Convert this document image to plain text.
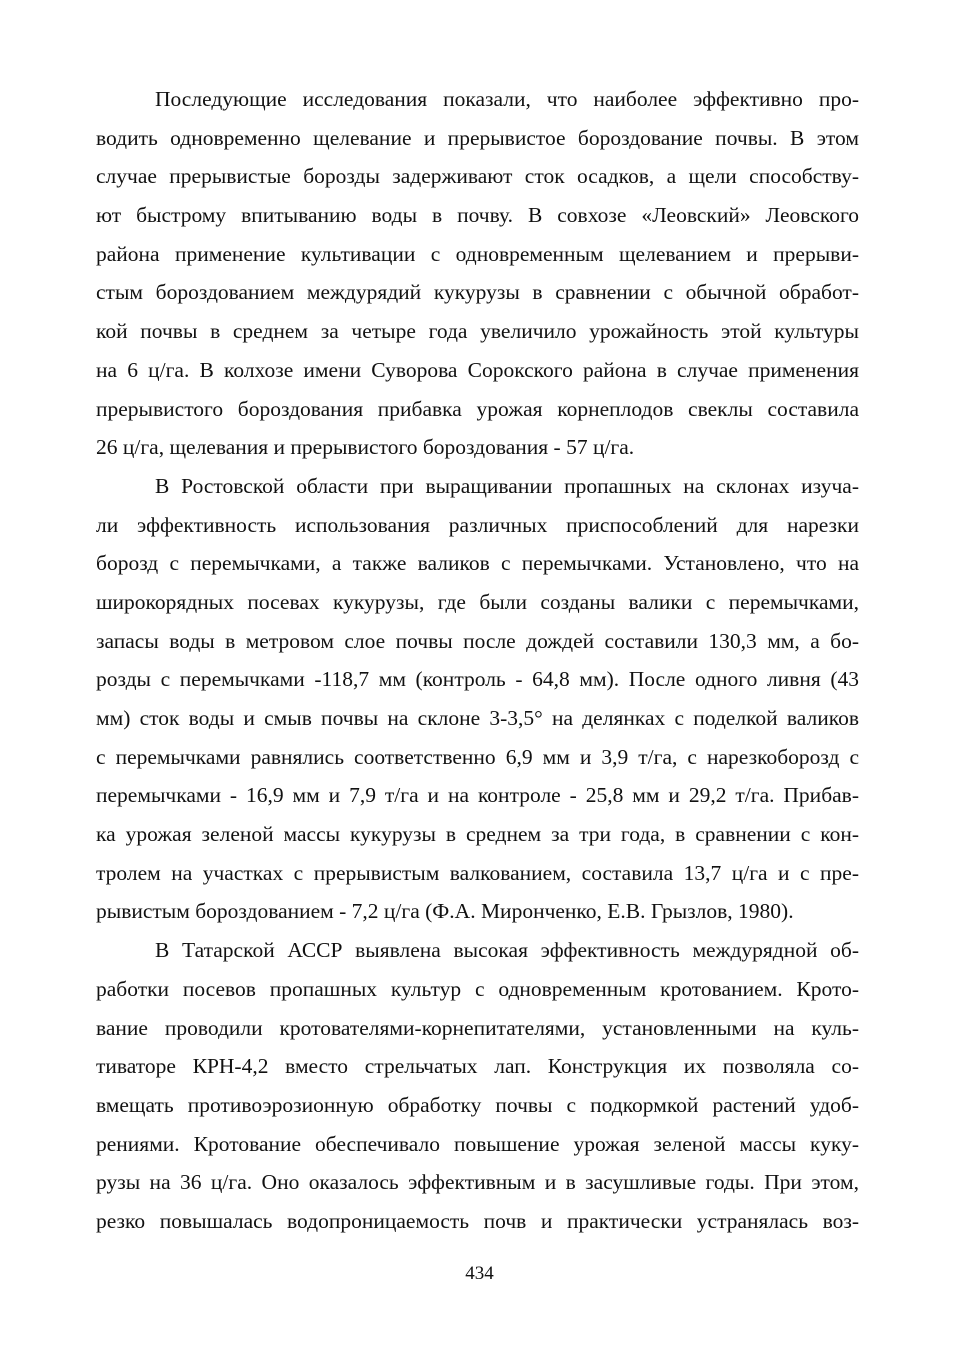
Последующие исследования показали, что наиболее эффективно про-
водить одновременно щелевание и прерывистое бороздование почвы. В этом
случае прерывистые борозды задерживают сток осадков, а щели способству-
ют быстрому впитыванию воды в почву. В совхозе «Леовский» Леовского
района применение культивации с одновременным щелеванием и прерыви-
стым бороздованием междурядий кукурузы в сравнении с обычной обработ-
кой почвы в среднем за четыре года увеличило урожайность этой культуры
на 6 ц/га. В колхозе имени Суворова Сорокского района в случае применения
прерывистого бороздования прибавка урожая корнеплодов свеклы составила
26 ц/га, щелевания и прерывистого бороздования - 57 ц/га.
В Ростовской области при выращивании пропашных на склонах изуча-
ли эффективность использования различных приспособлений для нарезки
борозд с перемычками, а также валиков с перемычками. Установлено, что на
широкорядных посевах кукурузы, где были созданы валики с перемычками,
запасы воды в метровом слое почвы после дождей составили 130,3 мм, а бо-
розды с перемычками -118,7 мм (контроль - 64,8 мм). После одного ливня (43
мм) сток воды и смыв почвы на склоне 3-3,5° на делянках с поделкой валиков
с перемычками равнялись соответственно 6,9 мм и 3,9 т/га, с нарезкоборозд с
перемычками - 16,9 мм и 7,9 т/га и на контроле - 25,8 мм и 29,2 т/га. Прибав-
ка урожая зеленой массы кукурузы в среднем за три года, в сравнении с кон-
тролем на участках с прерывистым валкованием, составила 13,7 ц/га и с пре-
рывистым бороздованием - 7,2 ц/га (Ф.А. Миронченко, Е.В. Грызлов, 1980).
В Татарской АССР выявлена высокая эффективность междурядной об-
работки посевов пропашных культур с одновременным кротованием. Крото-
вание проводили кротователями-корнепитателями, установленными на куль-
тиваторе КРН-4,2 вместо стрельчатых лап. Конструкция их позволяла со-
вмещать противоэрозионную обработку почвы с подкормкой растений удоб-
рениями. Кротование обеспечивало повышение урожая зеленой массы куку-
рузы на 36 ц/га. Оно оказалось эффективным и в засушливые годы. При этом,
резко повышалась водопроницаемость почв и практически устранялась воз-
434
